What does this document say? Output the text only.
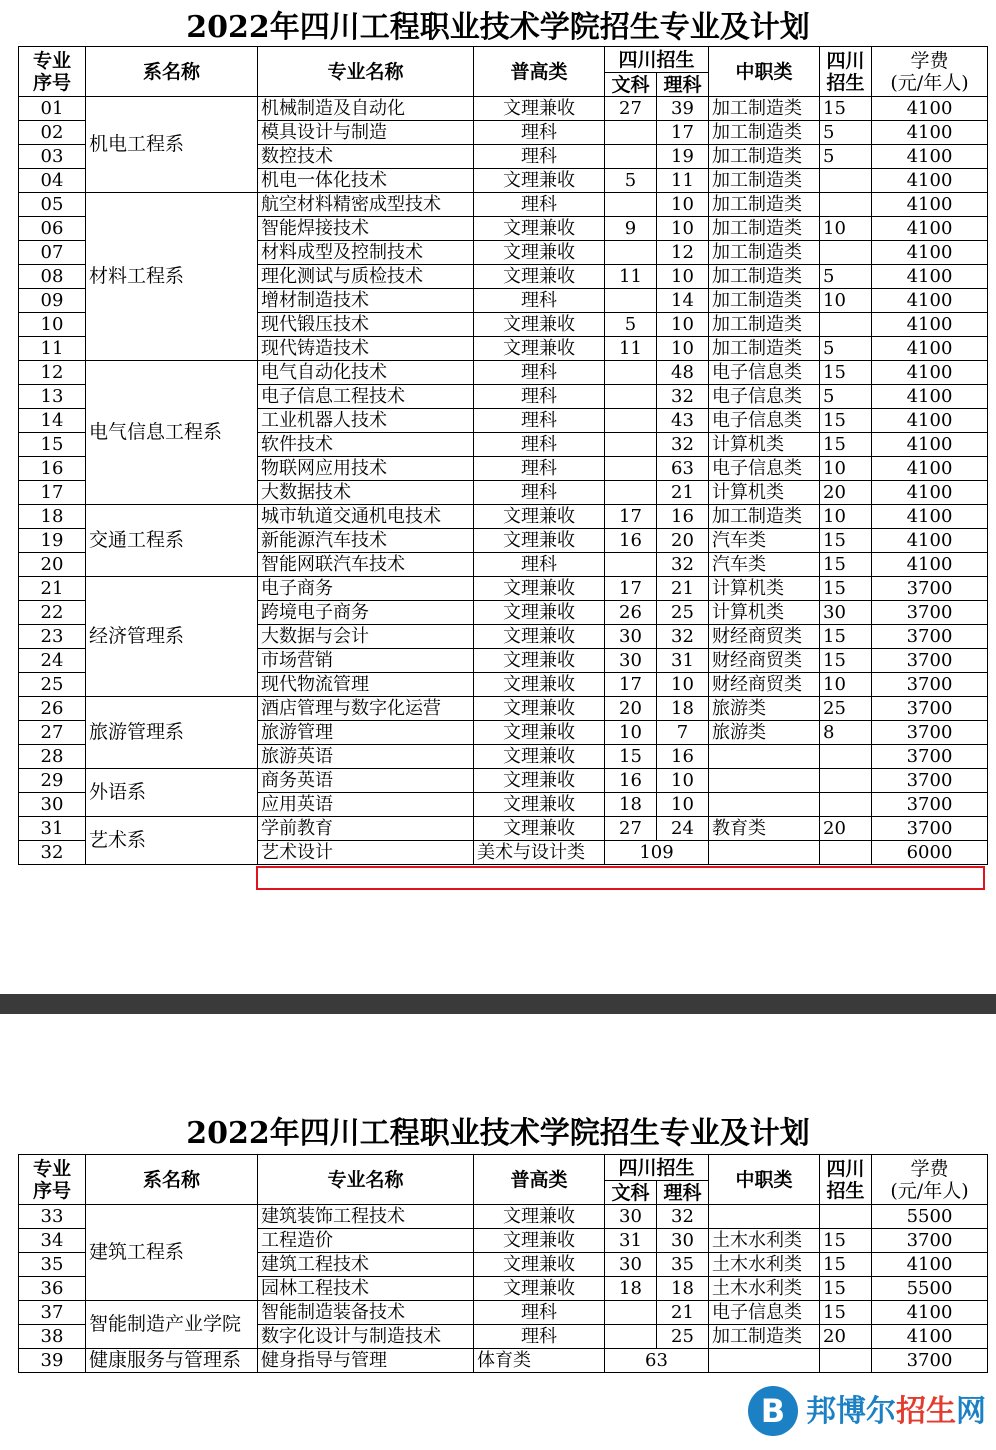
2022年四川工程职业技术学院招生专业及计划
专业
序号	系名称	专业名称	普高类	四川招生		中职类	四川
招生	学费
(元/年人)
				文科	理科			
01	机电工程系	机械制造及自动化	文理兼收	27	39	加工制造类	15	4100
02		模具设计与制造	理科		17	加工制造类	5	4100
03		数控技术	理科		19	加工制造类	5	4100
04		机电一体化技术	文理兼收	5	11	加工制造类		4100
05	材料工程系	航空材料精密成型技术	理科		10	加工制造类		4100
06		智能焊接技术	文理兼收	9	10	加工制造类	10	4100
07		材料成型及控制技术	文理兼收		12	加工制造类		4100
08		理化测试与质检技术	文理兼收	11	10	加工制造类	5	4100
09		增材制造技术	理科		14	加工制造类	10	4100
10		现代锻压技术	文理兼收	5	10	加工制造类		4100
11		现代铸造技术	文理兼收	11	10	加工制造类	5	4100
12	电气信息工程系	电气自动化技术	理科		48	电子信息类	15	4100
13		电子信息工程技术	理科		32	电子信息类	5	4100
14		工业机器人技术	理科		43	电子信息类	15	4100
15		软件技术	理科		32	计算机类	15	4100
16		物联网应用技术	理科		63	电子信息类	10	4100
17		大数据技术	理科		21	计算机类	20	4100
18	交通工程系	城市轨道交通机电技术	文理兼收	17	16	加工制造类	10	4100
19		新能源汽车技术	文理兼收	16	20	汽车类	15	4100
20		智能网联汽车技术	理科		32	汽车类	15	4100
21	经济管理系	电子商务	文理兼收	17	21	计算机类	15	3700
22		跨境电子商务	文理兼收	26	25	计算机类	30	3700
23		大数据与会计	文理兼收	30	32	财经商贸类	15	3700
24		市场营销	文理兼收	30	31	财经商贸类	15	3700
25		现代物流管理	文理兼收	17	10	财经商贸类	10	3700
26	旅游管理系	酒店管理与数字化运营	文理兼收	20	18	旅游类	25	3700
27		旅游管理	文理兼收	10	7	旅游类	8	3700
28		旅游英语	文理兼收	15	16			3700
29	外语系	商务英语	文理兼收	16	10			3700
30		应用英语	文理兼收	18	10			3700
31	艺术系	学前教育	文理兼收	27	24	教育类	20	3700
32		艺术设计	美术与设计类	109				6000
2022年四川工程职业技术学院招生专业及计划
专业
序号	系名称	专业名称	普高类	四川招生		中职类	四川
招生	学费
(元/年人)
				文科	理科			
33	建筑工程系	建筑装饰工程技术	文理兼收	30	32			5500
34		工程造价	文理兼收	31	30	土木水利类	15	3700
35		建筑工程技术	文理兼收	30	35	土木水利类	15	4100
36		园林工程技术	文理兼收	18	18	土木水利类	15	5500
37	智能制造产业学院	智能制造装备技术	理科		21	电子信息类	15	4100
38		数字化设计与制造技术	理科		25	加工制造类	20	4100
39	健康服务与管理系	健身指导与管理	体育类	63				3700
B 邦博尔招生网
